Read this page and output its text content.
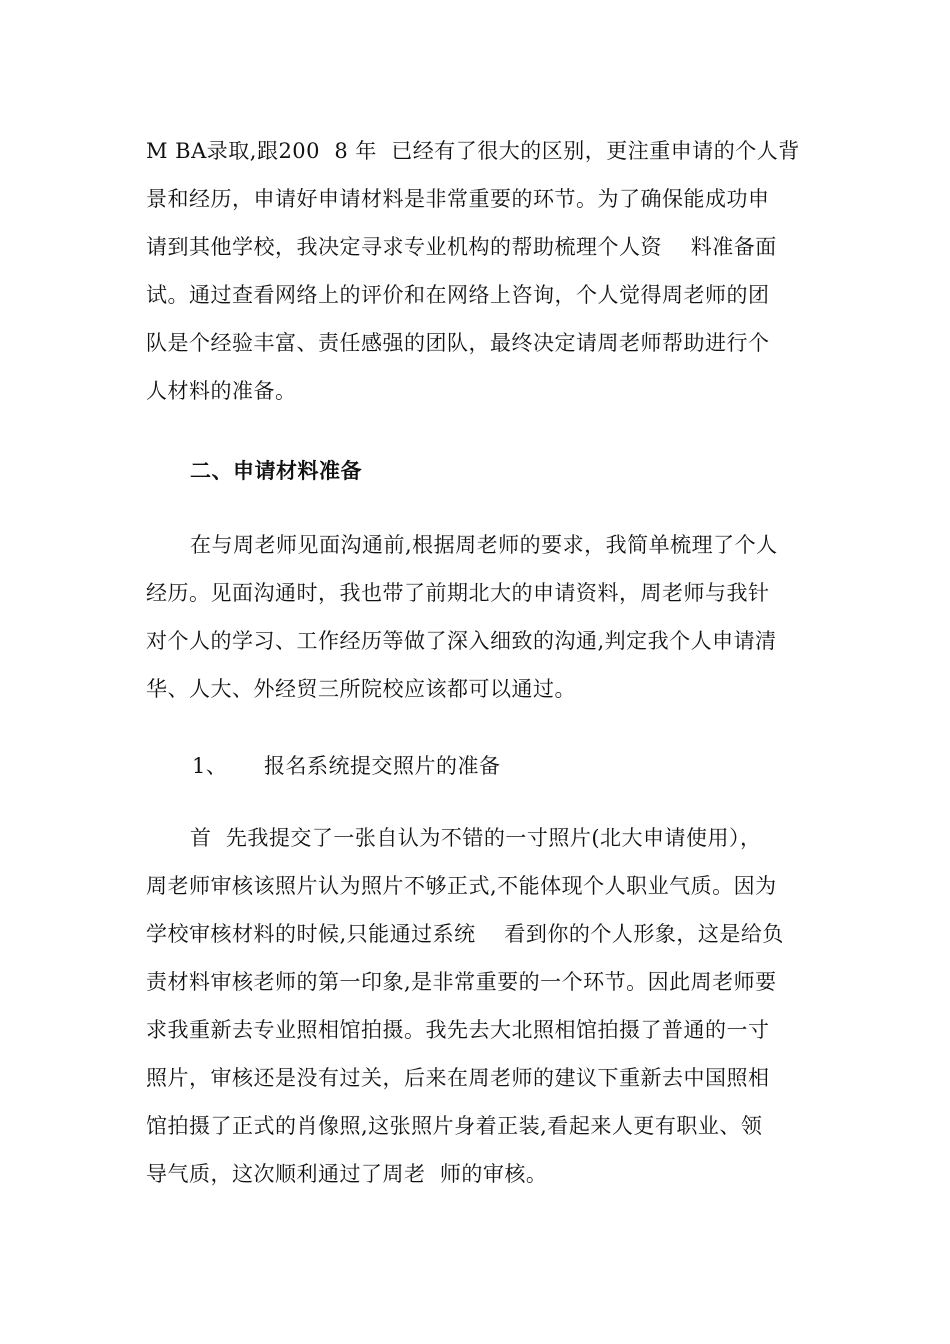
M BA录取,跟200  8 年  已经有了很大的区别，更注重申请的个人背
景和经历，申请好申请材料是非常重要的环节。为了确保能成功申
请到其他学校，我决定寻求专业机构的帮助梳理个人资    料准备面
试。通过查看网络上的评价和在网络上咨询，个人觉得周老师的团
队是个经验丰富、责任感强的团队，最终决定请周老师帮助进行个
人材料的准备。
二、申请材料准备
在与周老师见面沟通前,根据周老师的要求，我简单梳理了个人
经历。见面沟通时，我也带了前期北大的申请资料，周老师与我针
对个人的学习、工作经历等做了深入细致的沟通,判定我个人申请清
华、人大、外经贸三所院校应该都可以通过。
1、 报名系统提交照片的准备
首  先我提交了一张自认为不错的一寸照片(北大申请使用），
周老师审核该照片认为照片不够正式,不能体现个人职业气质。因为
学校审核材料的时候,只能通过系统    看到你的个人形象，这是给负
责材料审核老师的第一印象,是非常重要的一个环节。因此周老师要
求我重新去专业照相馆拍摄。我先去大北照相馆拍摄了普通的一寸
照片，审核还是没有过关，后来在周老师的建议下重新去中国照相
馆拍摄了正式的肖像照,这张照片身着正装,看起来人更有职业、领
导气质，这次顺利通过了周老  师的审核。
